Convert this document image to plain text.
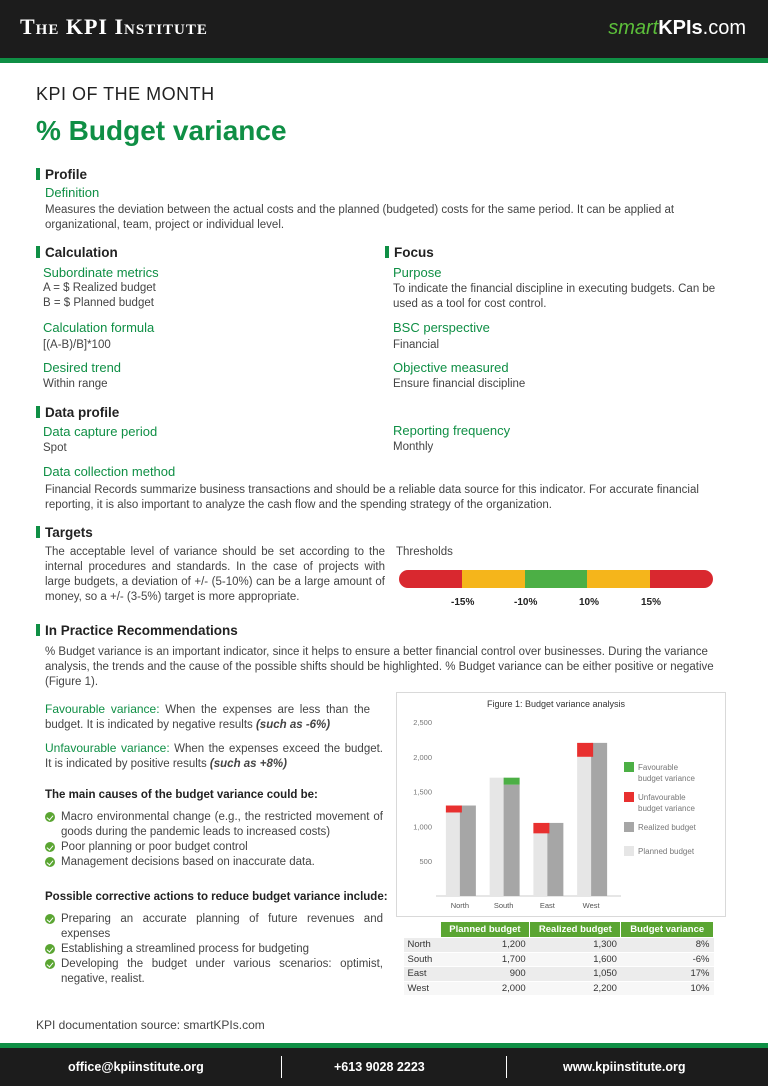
The KPI Institute	smartKPIs.com
KPI OF THE MONTH
% Budget variance
Profile
Definition
Measures the deviation between the actual costs and the planned (budgeted) costs for the same period. It can be applied at organizational, team, project or individual level.
Calculation
Subordinate metrics
A = $ Realized budget
B = $ Planned budget
Calculation formula
[(A-B)/B]*100
Desired trend
Within range
Focus
Purpose
To indicate the financial discipline in executing budgets. Can be used as a tool for cost control.
BSC perspective
Financial
Objective measured
Ensure financial discipline
Data profile
Data capture period
Spot
Reporting frequency
Monthly
Data collection method
Financial Records summarize business transactions and should be a reliable data source for this indicator. For accurate financial reporting, it is also important to analyze the cash flow and the spending strategy of the organization.
Targets
The acceptable level of variance should be set according to the internal procedures and standards. In the case of projects with large budgets, a deviation of +/- (5-10%) can be a large amount of money, so a +/- (3-5%) target is more appropriate.
Thresholds
-15%	-10%	10%	15%
In Practice Recommendations
% Budget variance is an important indicator, since it helps to ensure a better financial control over businesses. During the variance analysis, the trends and the cause of the possible shifts should be highlighted. % Budget variance can be either positive or negative (Figure 1).
Favourable variance: When the expenses are less than the budget. It is indicated by negative results (such as -6%)
Unfavourable variance: When the expenses exceed the budget. It is indicated by positive results (such as +8%)
The main causes of the budget variance could be:
Macro environmental change (e.g., the restricted movement of goods during the pandemic leads to increased costs)
Poor planning or poor budget control
Management decisions based on inaccurate data.
Possible corrective actions to reduce budget variance include:
Preparing an accurate planning of future revenues and expenses
Establishing a streamlined process for budgeting
Developing the budget under various scenarios: optimist, negative, realist.
Figure 1: Budget variance analysis
2,500
2,000
1,500
1,000
500
North	South	East	West
Favourable
budget variance
Unfavourable
budget variance
Realized budget
Planned budget
	Planned budget	Realized budget	Budget variance
North	1,200	1,300	8%
South	1,700	1,600	-6%
East	900	1,050	17%
West	2,000	2,200	10%
KPI documentation source: smartKPIs.com
office@kpiinstitute.org	+613 9028 2223	www.kpiinstitute.org
